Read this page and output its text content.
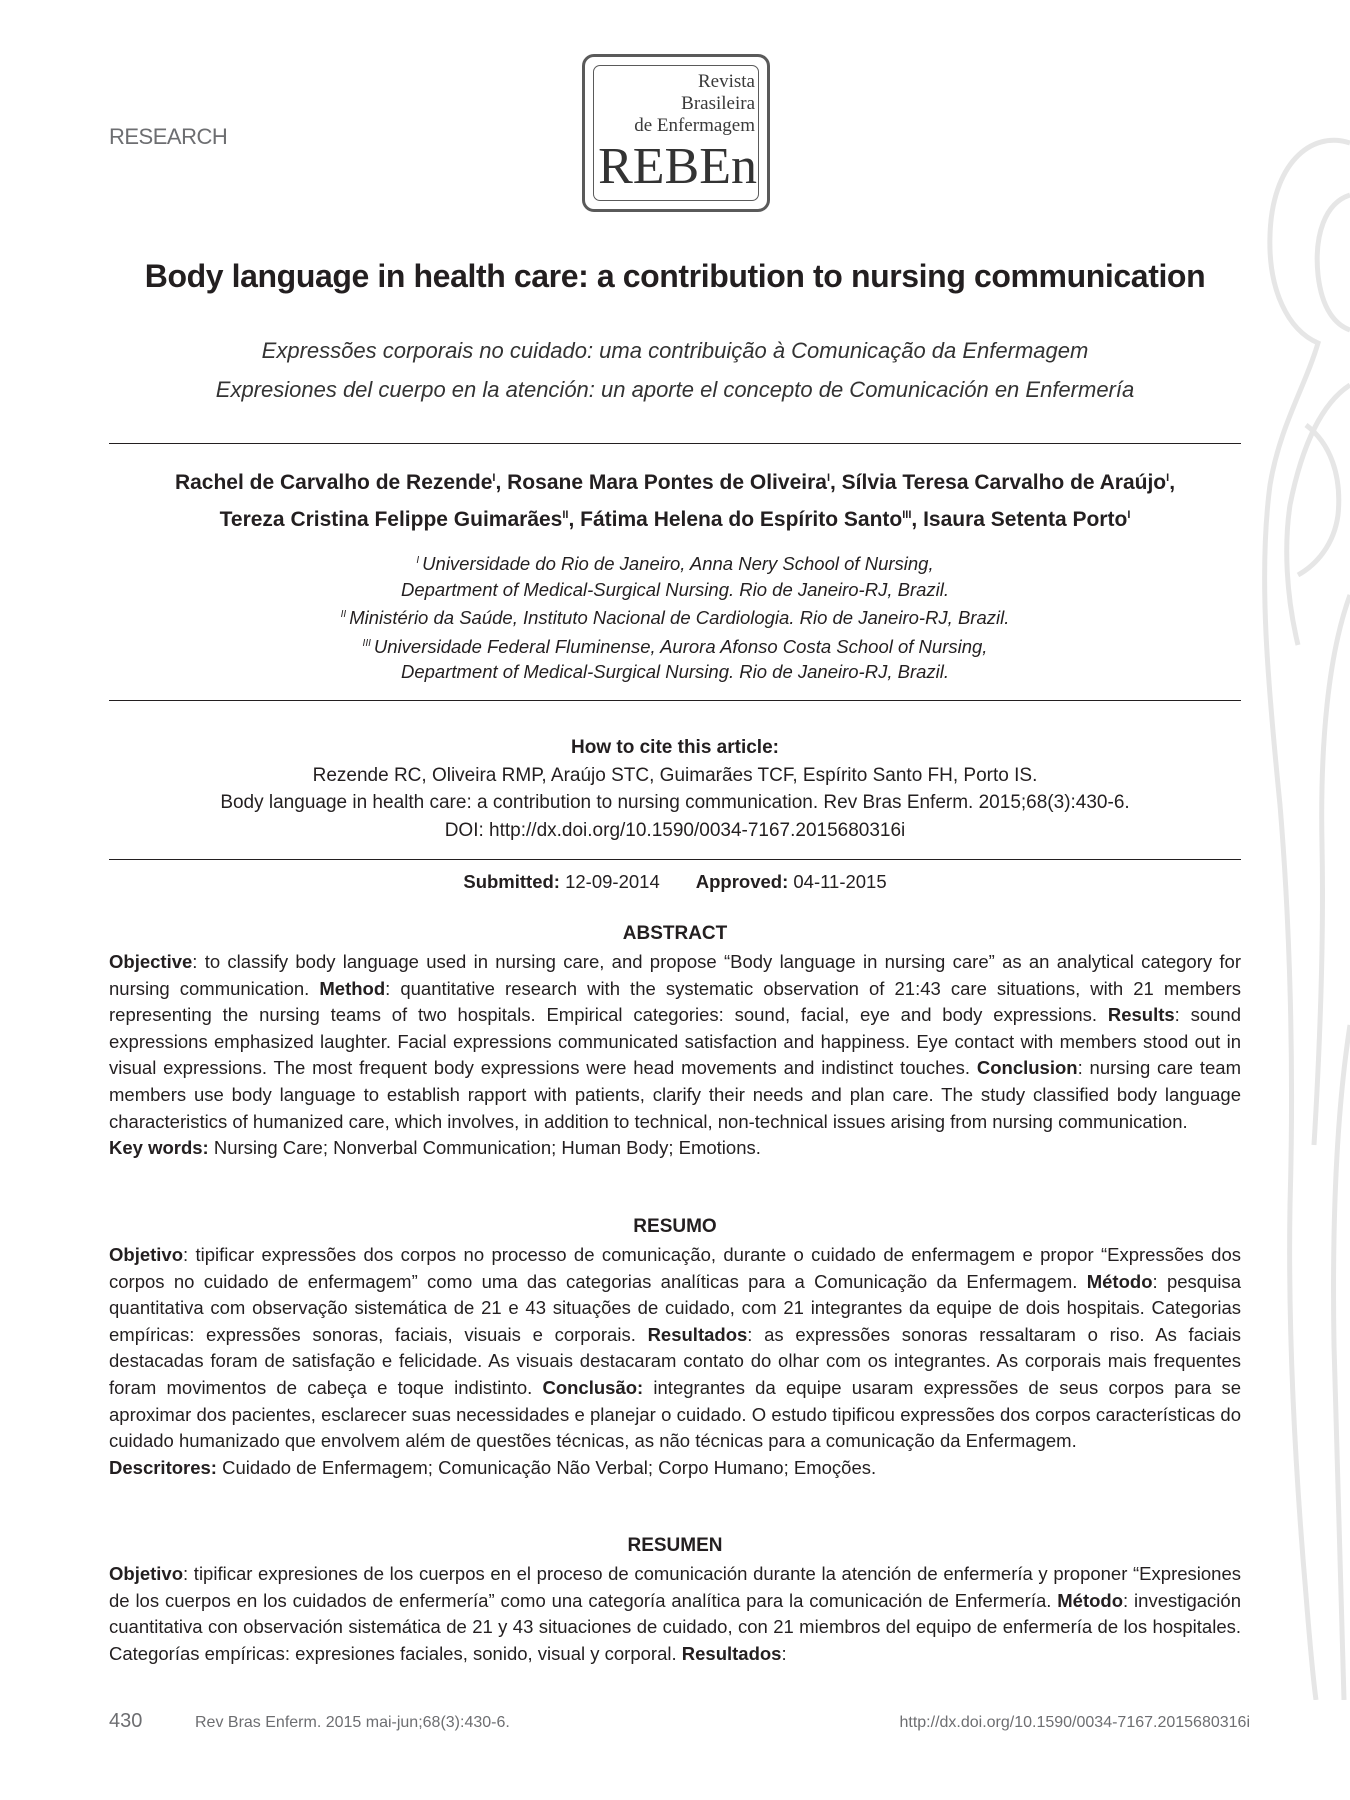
RESEARCH
Revista
Brasileira
de Enfermagem
REBEn
Body language in health care: a contribution to nursing communication
Expressões corporais no cuidado: uma contribuição à Comunicação da Enfermagem
Expresiones del cuerpo en la atención: un aporte el concepto de Comunicación en Enfermería
Rachel de Carvalho de Rezende$^I$, Rosane Mara Pontes de Oliveira$^I$, Sílvia Teresa Carvalho de Araújo$^I$,
Tereza Cristina Felippe Guimarães$^{II}$, Fátima Helena do Espírito Santo$^{III}$, Isaura Setenta Porto$^I$
$^I$ Universidade do Rio de Janeiro, Anna Nery School of Nursing,
Department of Medical-Surgical Nursing. Rio de Janeiro-RJ, Brazil.
$^{II}$ Ministério da Saúde, Instituto Nacional de Cardiologia. Rio de Janeiro-RJ, Brazil.
$^{III}$ Universidade Federal Fluminense, Aurora Afonso Costa School of Nursing,
Department of Medical-Surgical Nursing. Rio de Janeiro-RJ, Brazil.
How to cite this article:
Rezende RC, Oliveira RMP, Araújo STC, Guimarães TCF, Espírito Santo FH, Porto IS.
Body language in health care: a contribution to nursing communication. Rev Bras Enferm. 2015;68(3):430-6.
DOI: http://dx.doi.org/10.1590/0034-7167.2015680316i
Submitted: 12-09-2014 Approved: 04-11-2015
ABSTRACT

Objective: to classify body language used in nursing care, and propose “Body language in nursing care” as an analytical category for nursing communication. Method: quantitative research with the systematic observation of 21:43 care situations, with 21 members representing the nursing teams of two hospitals. Empirical categories: sound, facial, eye and body expressions. Results: sound expressions emphasized laughter. Facial expressions communicated satisfaction and happiness. Eye contact with members stood out in visual expressions. The most frequent body expressions were head movements and indistinct touches. Conclusion: nursing care team members use body language to establish rapport with patients, clarify their needs and plan care. The study classified body language characteristics of humanized care, which involves, in addition to technical, non-technical issues arising from nursing communication.

Key words: Nursing Care; Nonverbal Communication; Human Body; Emotions.

RESUMO

Objetivo: tipificar expressões dos corpos no processo de comunicação, durante o cuidado de enfermagem e propor “Expressões dos corpos no cuidado de enfermagem” como uma das categorias analíticas para a Comunicação da Enfermagem. Método: pesquisa quantitativa com observação sistemática de 21 e 43 situações de cuidado, com 21 integrantes da equipe de dois hospitais. Categorias empíricas: expressões sonoras, faciais, visuais e corporais. Resultados: as expressões sonoras ressaltaram o riso. As faciais destacadas foram de satisfação e felicidade. As visuais destacaram contato do olhar com os integrantes. As corporais mais frequentes foram movimentos de cabeça e toque indistinto. Conclusão: integrantes da equipe usaram expressões de seus corpos para se aproximar dos pacientes, esclarecer suas necessidades e planejar o cuidado. O estudo tipificou expressões dos corpos características do cuidado humanizado que envolvem além de questões técnicas, as não técnicas para a comunicação da Enfermagem.

Descritores: Cuidado de Enfermagem; Comunicação Não Verbal; Corpo Humano; Emoções.

RESUMEN

Objetivo: tipificar expresiones de los cuerpos en el proceso de comunicación durante la atención de enfermería y proponer “Expresiones de los cuerpos en los cuidados de enfermería” como una categoría analítica para la comunicación de Enfermería. Método: investigación cuantitativa con observación sistemática de 21 y 43 situaciones de cuidado, con 21 miembros del equipo de enfermería de los hospitales. Categorías empíricas: expresiones faciales, sonido, visual y corporal. Resultados:

430	Rev Bras Enferm. 2015 mai-jun;68(3):430-6.	http://dx.doi.org/10.1590/0034-7167.2015680316i
